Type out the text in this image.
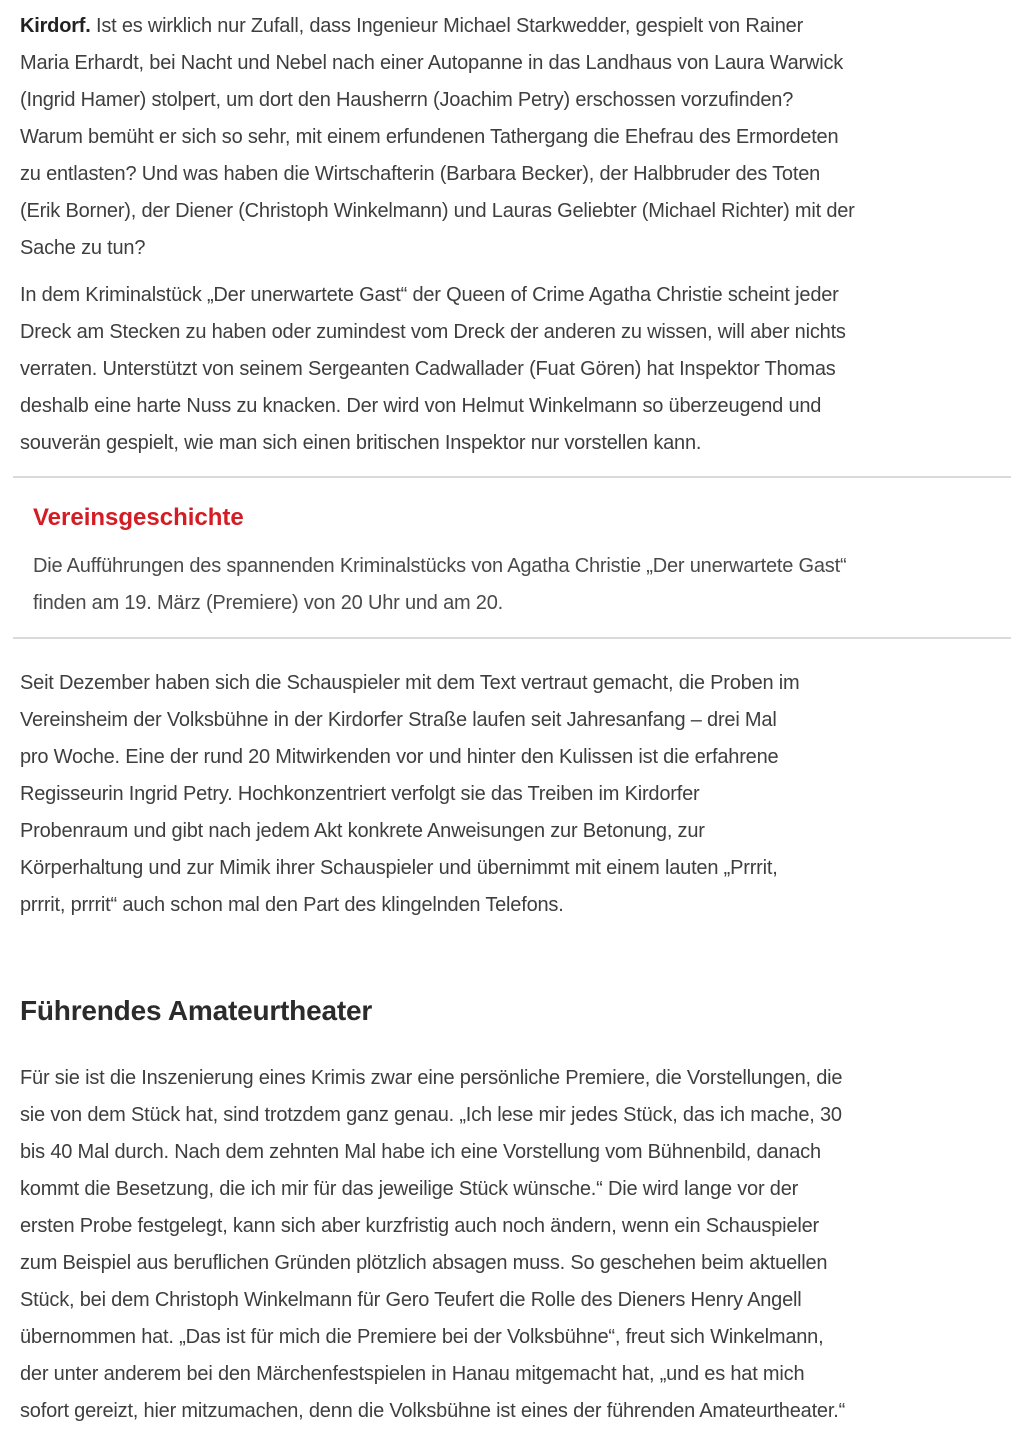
Kirdorf. Ist es wirklich nur Zufall, dass Ingenieur Michael Starkwedder, gespielt von Rainer
Maria Erhardt, bei Nacht und Nebel nach einer Autopanne in das Landhaus von Laura Warwick
(Ingrid Hamer) stolpert, um dort den Hausherrn (Joachim Petry) erschossen vorzufinden?
Warum bemüht er sich so sehr, mit einem erfundenen Tathergang die Ehefrau des Ermordeten
zu entlasten? Und was haben die Wirtschafterin (Barbara Becker), der Halbbruder des Toten
(Erik Borner), der Diener (Christoph Winkelmann) und Lauras Geliebter (Michael Richter) mit der
Sache zu tun?
In dem Kriminalstück „Der unerwartete Gast“ der Queen of Crime Agatha Christie scheint jeder
Dreck am Stecken zu haben oder zumindest vom Dreck der anderen zu wissen, will aber nichts
verraten. Unterstützt von seinem Sergeanten Cadwallader (Fuat Gören) hat Inspektor Thomas
deshalb eine harte Nuss zu knacken. Der wird von Helmut Winkelmann so überzeugend und
souverän gespielt, wie man sich einen britischen Inspektor nur vorstellen kann.
Vereinsgeschichte
Die Aufführungen des spannenden Kriminalstücks von Agatha Christie „Der unerwartete Gast“
finden am 19. März (Premiere) von 20 Uhr und am 20.
Seit Dezember haben sich die Schauspieler mit dem Text vertraut gemacht, die Proben im
Vereinsheim der Volksbühne in der Kirdorfer Straße laufen seit Jahresanfang – drei Mal
pro Woche. Eine der rund 20 Mitwirkenden vor und hinter den Kulissen ist die erfahrene
Regisseurin Ingrid Petry. Hochkonzentriert verfolgt sie das Treiben im Kirdorfer
Probenraum und gibt nach jedem Akt konkrete Anweisungen zur Betonung, zur
Körperhaltung und zur Mimik ihrer Schauspieler und übernimmt mit einem lauten „Prrrit,
prrrit, prrrit“ auch schon mal den Part des klingelnden Telefons.
Führendes Amateurtheater
Für sie ist die Inszenierung eines Krimis zwar eine persönliche Premiere, die Vorstellungen, die
sie von dem Stück hat, sind trotzdem ganz genau. „Ich lese mir jedes Stück, das ich mache, 30
bis 40 Mal durch. Nach dem zehnten Mal habe ich eine Vorstellung vom Bühnenbild, danach
kommt die Besetzung, die ich mir für das jeweilige Stück wünsche.“ Die wird lange vor der
ersten Probe festgelegt, kann sich aber kurzfristig auch noch ändern, wenn ein Schauspieler
zum Beispiel aus beruflichen Gründen plötzlich absagen muss. So geschehen beim aktuellen
Stück, bei dem Christoph Winkelmann für Gero Teufert die Rolle des Dieners Henry Angell
übernommen hat. „Das ist für mich die Premiere bei der Volksbühne“, freut sich Winkelmann,
der unter anderem bei den Märchenfestspielen in Hanau mitgemacht hat, „und es hat mich
sofort gereizt, hier mitzumachen, denn die Volksbühne ist eines der führenden Amateurtheater.“
